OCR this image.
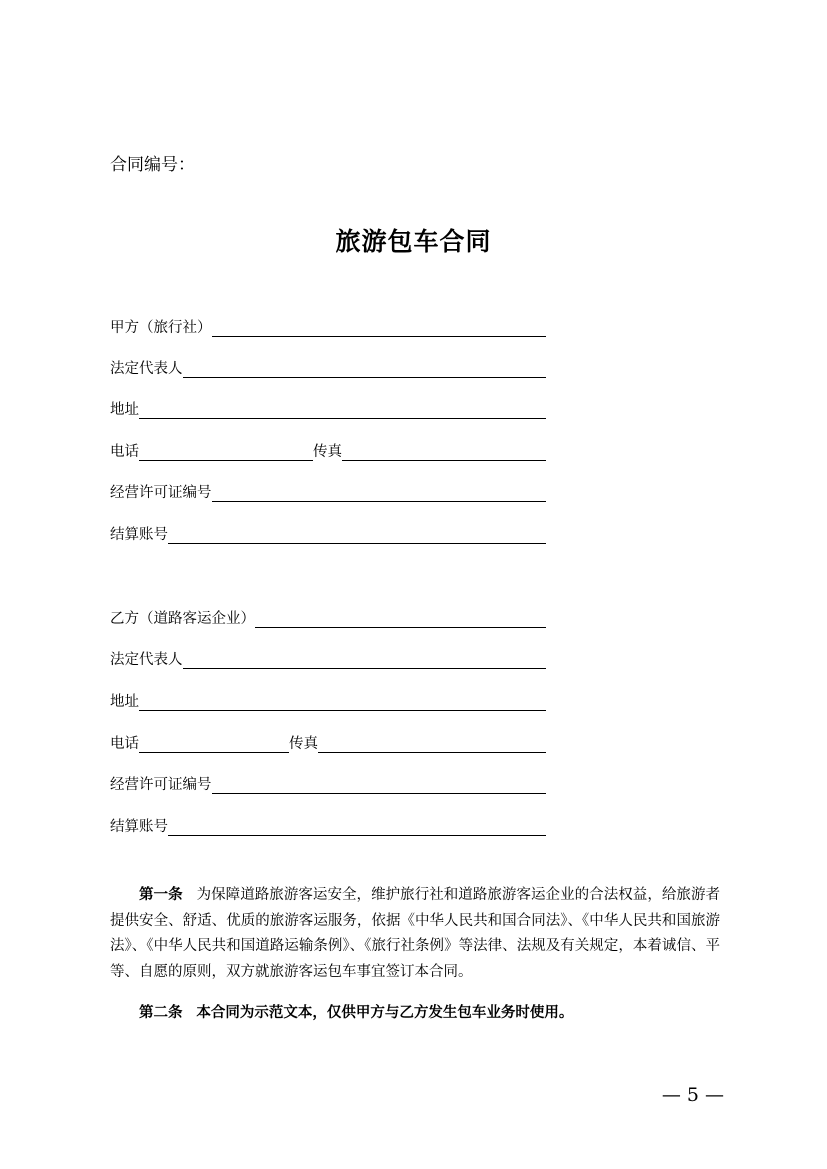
合同编号：
旅游包车合同
甲方（旅行社）
法定代表人
地址
电话	传真
经营许可证编号
结算账号
乙方（道路客运企业）
法定代表人
地址
电话	传真
经营许可证编号
结算账号
第一条 为保障道路旅游客运安全，维护旅行社和道路旅游客运企业的合法权益，给旅游者提供安全、舒适、优质的旅游客运服务，依据《中华人民共和国合同法》、《中华人民共和国旅游法》、《中华人民共和国道路运输条例》、《旅行社条例》等法律、法规及有关规定，本着诚信、平等、自愿的原则，双方就旅游客运包车事宜签订本合同。
第二条 本合同为示范文本，仅供甲方与乙方发生包车业务时使用。
— 5 —
